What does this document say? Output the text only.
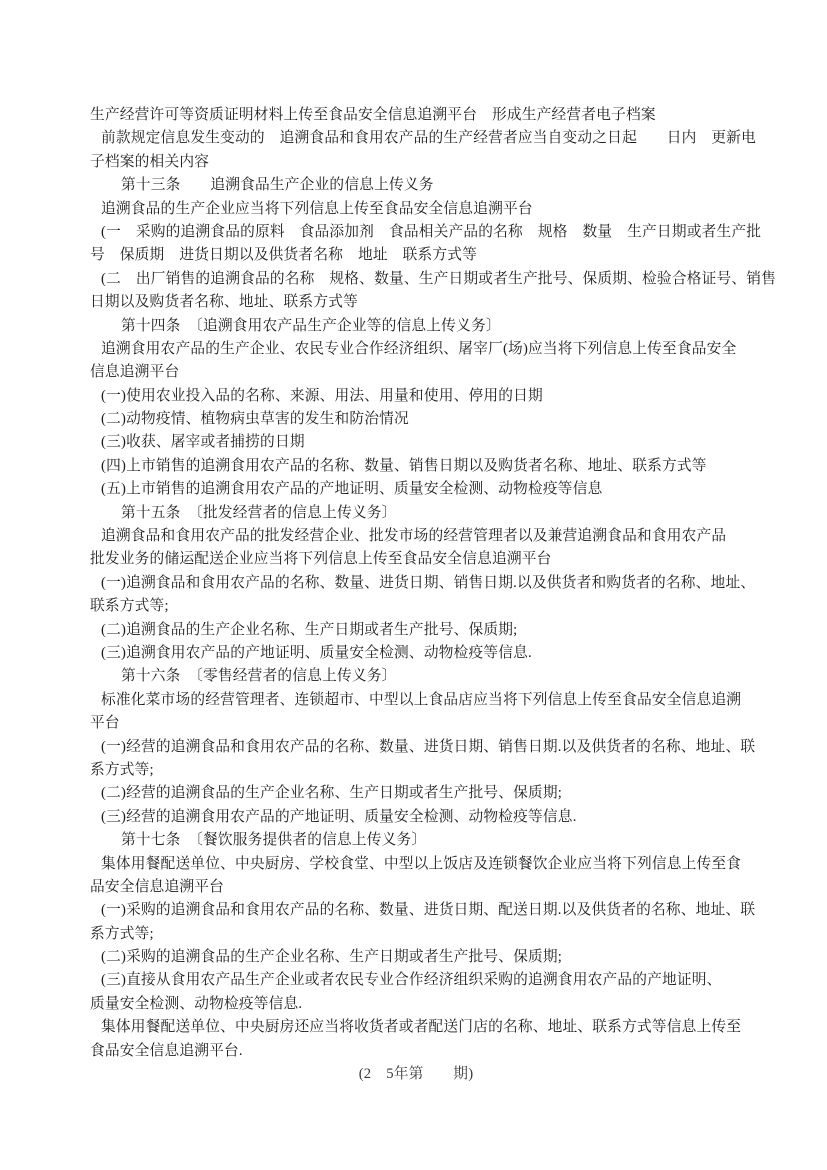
生产经营许可等资质证明材料上传至食品安全信息追溯平台　形成生产经营者电子档案
前款规定信息发生变动的　追溯食品和食用农产品的生产经营者应当自变动之日起　　日内　更新电
子档案的相关内容
第十三条　　追溯食品生产企业的信息上传义务
追溯食品的生产企业应当将下列信息上传至食品安全信息追溯平台
(一　采购的追溯食品的原料　食品添加剂　食品相关产品的名称　规格　数量　生产日期或者生产批
号　保质期　进货日期以及供货者名称　地址　联系方式等
(二　出厂销售的追溯食品的名称　规格、数量、生产日期或者生产批号、保质期、检验合格证号、销售
日期以及购货者名称、地址、联系方式等
第十四条　〔追溯食用农产品生产企业等的信息上传义务〕
追溯食用农产品的生产企业、农民专业合作经济组织、屠宰厂(场)应当将下列信息上传至食品安全
信息追溯平台
(一)使用农业投入品的名称、来源、用法、用量和使用、停用的日期
(二)动物疫情、植物病虫草害的发生和防治情况
(三)收获、屠宰或者捕捞的日期
(四)上市销售的追溯食用农产品的名称、数量、销售日期以及购货者名称、地址、联系方式等
(五)上市销售的追溯食用农产品的产地证明、质量安全检测、动物检疫等信息
第十五条　〔批发经营者的信息上传义务〕
追溯食品和食用农产品的批发经营企业、批发市场的经营管理者以及兼营追溯食品和食用农产品
批发业务的储运配送企业应当将下列信息上传至食品安全信息追溯平台
(一)追溯食品和食用农产品的名称、数量、进货日期、销售日期.以及供货者和购货者的名称、地址、
联系方式等;
(二)追溯食品的生产企业名称、生产日期或者生产批号、保质期;
(三)追溯食用农产品的产地证明、质量安全检测、动物检疫等信息.
第十六条　〔零售经营者的信息上传义务〕
标准化菜市场的经营管理者、连锁超市、中型以上食品店应当将下列信息上传至食品安全信息追溯
平台
(一)经营的追溯食品和食用农产品的名称、数量、进货日期、销售日期.以及供货者的名称、地址、联
系方式等;
(二)经营的追溯食品的生产企业名称、生产日期或者生产批号、保质期;
(三)经营的追溯食用农产品的产地证明、质量安全检测、动物检疫等信息.
第十七条　〔餐饮服务提供者的信息上传义务〕
集体用餐配送单位、中央厨房、学校食堂、中型以上饭店及连锁餐饮企业应当将下列信息上传至食
品安全信息追溯平台
(一)采购的追溯食品和食用农产品的名称、数量、进货日期、配送日期.以及供货者的名称、地址、联
系方式等;
(二)采购的追溯食品的生产企业名称、生产日期或者生产批号、保质期;
(三)直接从食用农产品生产企业或者农民专业合作经济组织采购的追溯食用农产品的产地证明、
质量安全检测、动物检疫等信息.
集体用餐配送单位、中央厨房还应当将收货者或者配送门店的名称、地址、联系方式等信息上传至
食品安全信息追溯平台.
(2　5年第　　期)
